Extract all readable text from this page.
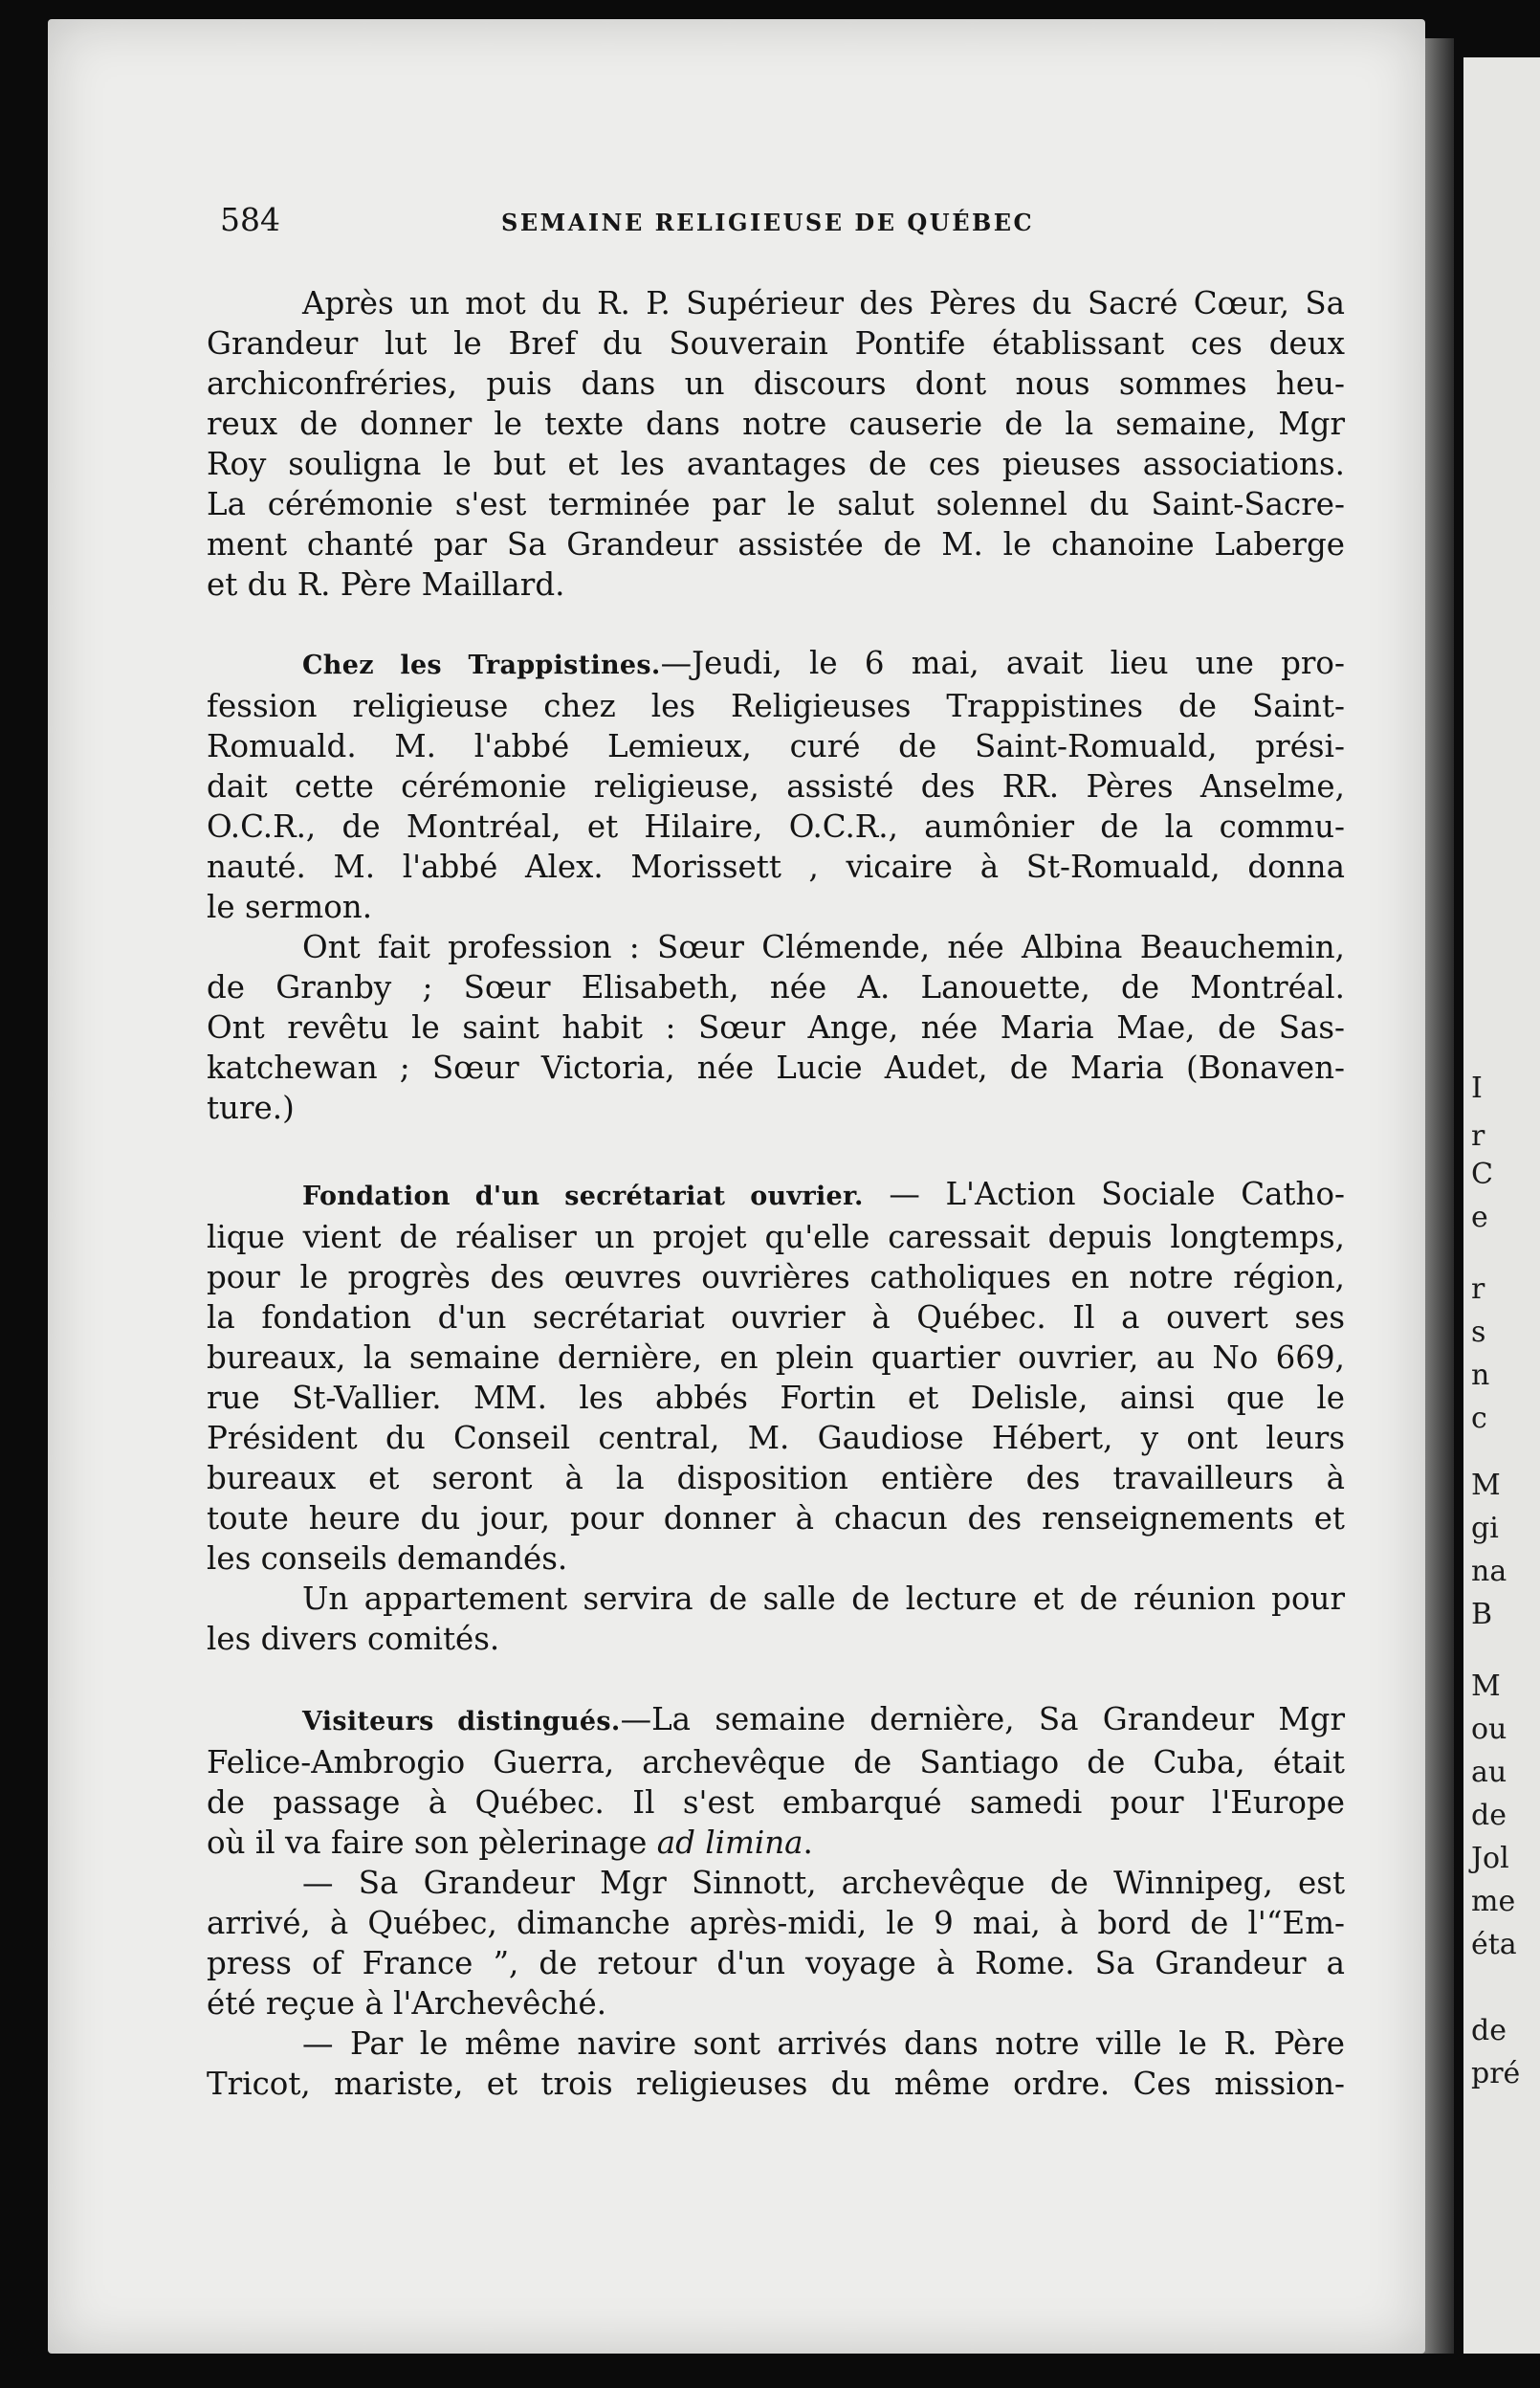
I
r
C
e
r
s
n
c
M
gi
na
B
M
ou
au
de
Jol
me
éta
de
pré
584	SEMAINE RELIGIEUSE DE QUÉBEC
Après un mot du R. P. Supérieur des Pères du Sacré Cœur, Sa
Grandeur lut le Bref du Souverain Pontife établissant ces deux
archiconfréries, puis dans un discours dont nous sommes heu-
reux de donner le texte dans notre causerie de la semaine, Mgr
Roy souligna le but et les avantages de ces pieuses associations.
La cérémonie s'est terminée par le salut solennel du Saint-Sacre-
ment chanté par Sa Grandeur assistée de M. le chanoine Laberge
et du R. Père Maillard.
Chez les Trappistines.—Jeudi, le 6 mai, avait lieu une pro-
fession religieuse chez les Religieuses Trappistines de Saint-
Romuald. M. l'abbé Lemieux, curé de Saint-Romuald, prési-
dait cette cérémonie religieuse, assisté des RR. Pères Anselme,
O.C.R., de Montréal, et Hilaire, O.C.R., aumônier de la commu-
nauté. M. l'abbé Alex. Morissett , vicaire à St-Romuald, donna
le sermon.
Ont fait profession : Sœur Clémende, née Albina Beauchemin,
de Granby ; Sœur Elisabeth, née A. Lanouette, de Montréal.
Ont revêtu le saint habit : Sœur Ange, née Maria Mae, de Sas-
katchewan ; Sœur Victoria, née Lucie Audet, de Maria (Bonaven-
ture.)
Fondation d'un secrétariat ouvrier. — L'Action Sociale Catho-
lique vient de réaliser un projet qu'elle caressait depuis longtemps,
pour le progrès des œuvres ouvrières catholiques en notre région,
la fondation d'un secrétariat ouvrier à Québec. Il a ouvert ses
bureaux, la semaine dernière, en plein quartier ouvrier, au No 669,
rue St-Vallier. MM. les abbés Fortin et Delisle, ainsi que le
Président du Conseil central, M. Gaudiose Hébert, y ont leurs
bureaux et seront à la disposition entière des travailleurs à
toute heure du jour, pour donner à chacun des renseignements et
les conseils demandés.
Un appartement servira de salle de lecture et de réunion pour
les divers comités.
Visiteurs distingués.—La semaine dernière, Sa Grandeur Mgr
Felice-Ambrogio Guerra, archevêque de Santiago de Cuba, était
de passage à Québec. Il s'est embarqué samedi pour l'Europe
où il va faire son pèlerinage ad limina.
— Sa Grandeur Mgr Sinnott, archevêque de Winnipeg, est
arrivé, à Québec, dimanche après-midi, le 9 mai, à bord de l'“Em-
press of France ”, de retour d'un voyage à Rome. Sa Grandeur a
été reçue à l'Archevêché.
— Par le même navire sont arrivés dans notre ville le R. Père
Tricot, mariste, et trois religieuses du même ordre. Ces mission-
